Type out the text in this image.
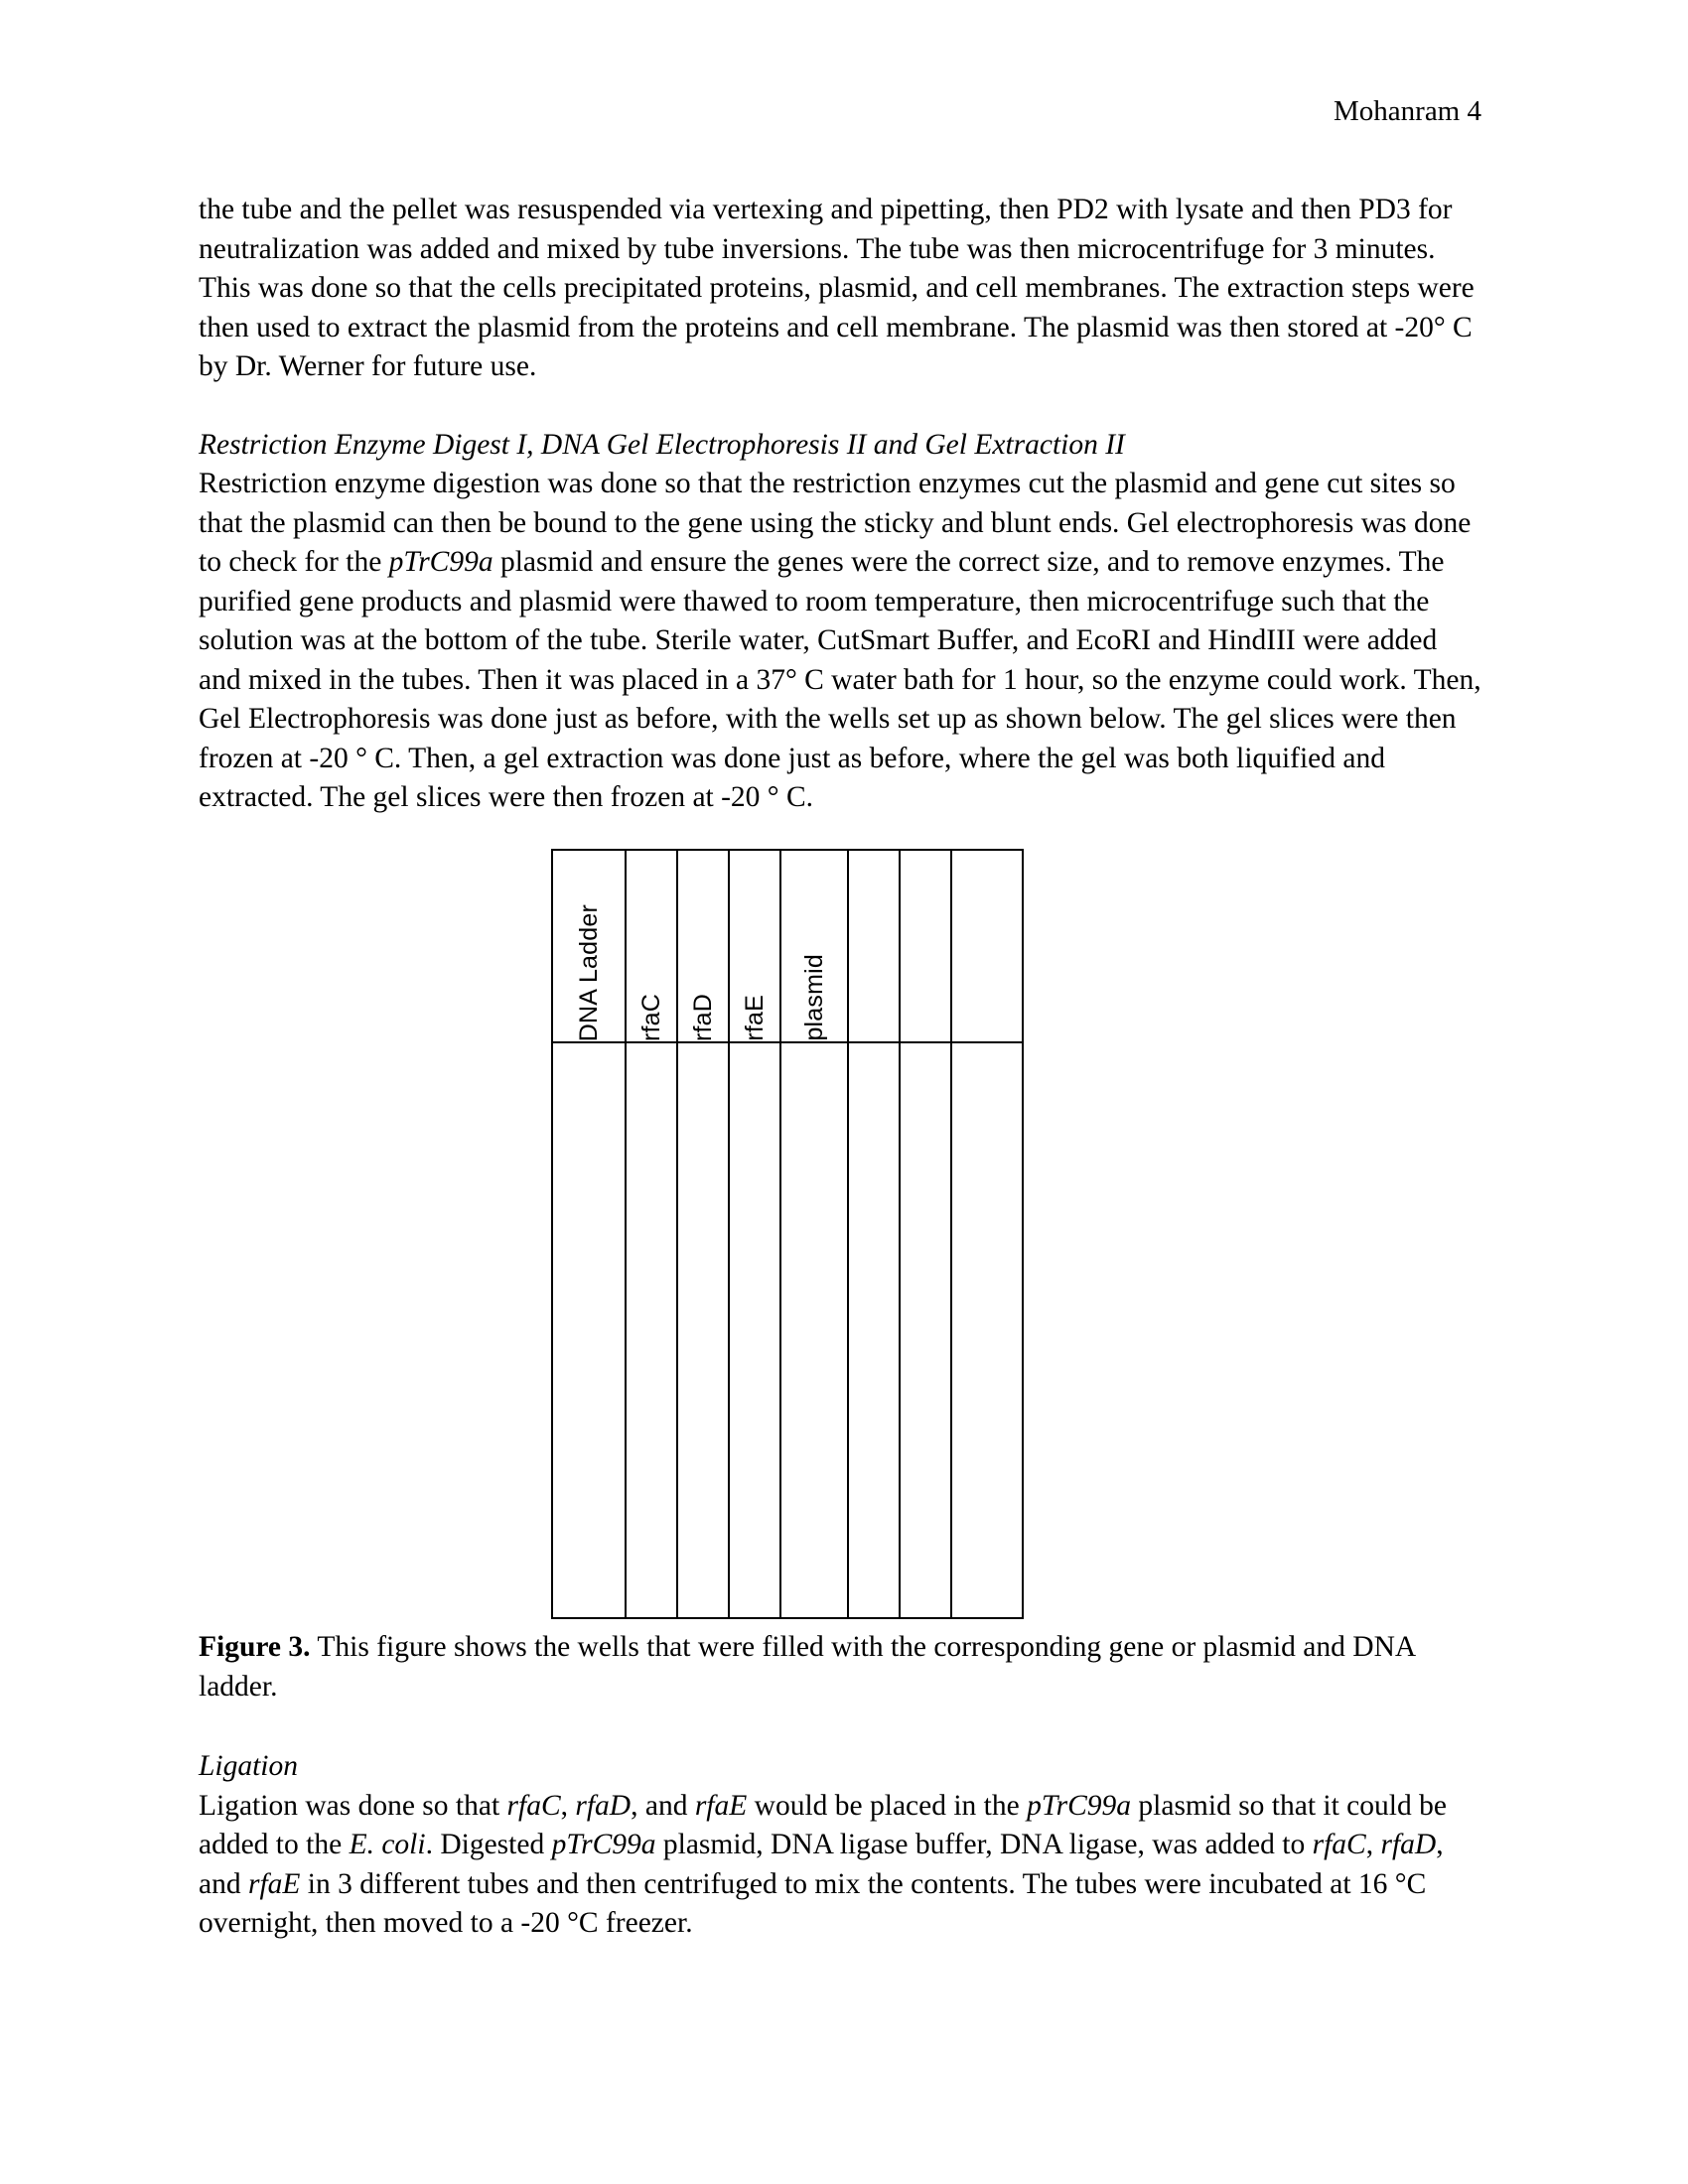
Mohanram 4

the tube and the pellet was resuspended via vertexing and pipetting, then PD2 with lysate and then PD3 for neutralization was added and mixed by tube inversions. The tube was then microcentrifuge for 3 minutes. This was done so that the cells precipitated proteins, plasmid, and cell membranes. The extraction steps were then used to extract the plasmid from the proteins and cell membrane. The plasmid was then stored at -20° C by Dr. Werner for future use.

Restriction Enzyme Digest I, DNA Gel Electrophoresis II and Gel Extraction II

Restriction enzyme digestion was done so that the restriction enzymes cut the plasmid and gene cut sites so that the plasmid can then be bound to the gene using the sticky and blunt ends. Gel electrophoresis was done to check for the pTrC99a plasmid and ensure the genes were the correct size, and to remove enzymes. The purified gene products and plasmid were thawed to room temperature, then microcentrifuge such that the solution was at the bottom of the tube. Sterile water, CutSmart Buffer, and EcoRI and HindIII were added and mixed in the tubes. Then it was placed in a 37° C water bath for 1 hour, so the enzyme could work. Then, Gel Electrophoresis was done just as before, with the wells set up as shown below. The gel slices were then frozen at -20 ° C. Then, a gel extraction was done just as before, where the gel was both liquified and extracted. The gel slices were then frozen at -20 ° C.

DNA Ladder	rfaC	rfaD	rfaE	plasmid			

Figure 3. This figure shows the wells that were filled with the corresponding gene or plasmid and DNA ladder.

Ligation

Ligation was done so that rfaC, rfaD, and rfaE would be placed in the pTrC99a plasmid so that it could be added to the E. coli. Digested pTrC99a plasmid, DNA ligase buffer, DNA ligase, was added to rfaC, rfaD, and rfaE in 3 different tubes and then centrifuged to mix the contents. The tubes were incubated at 16 °C overnight, then moved to a -20 °C freezer.
